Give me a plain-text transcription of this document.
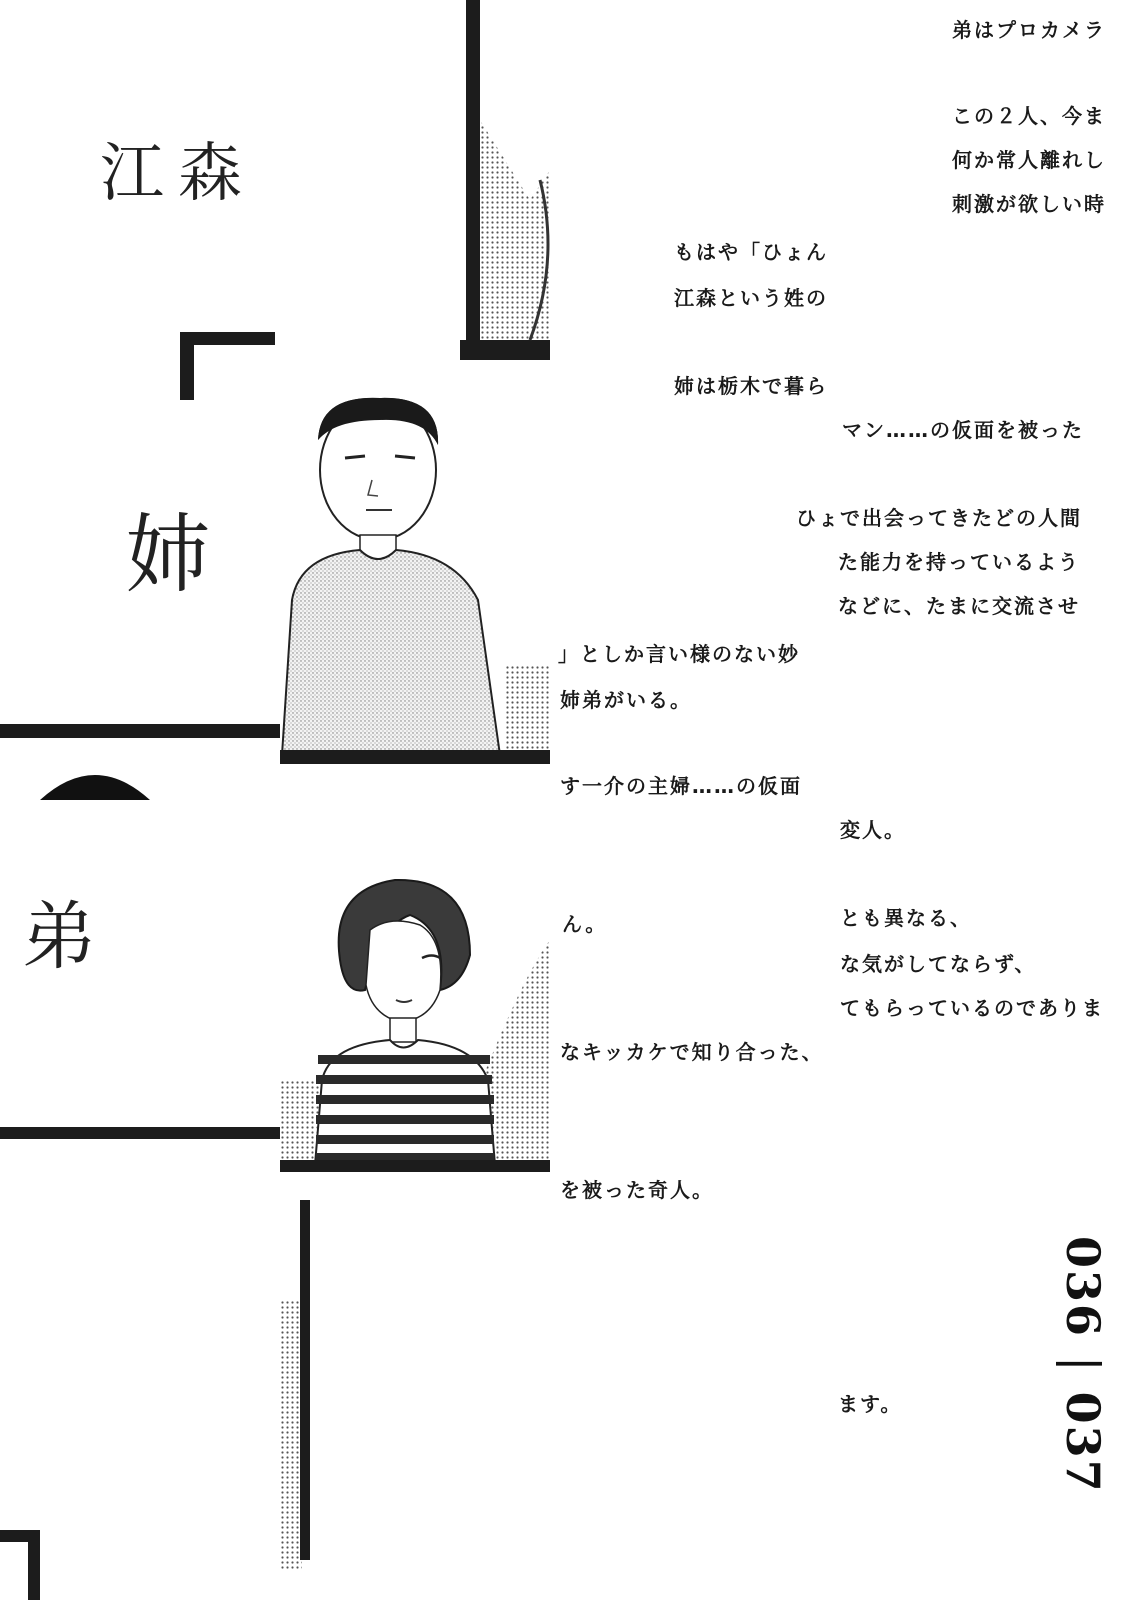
江森
姉
弟
弟はプロカメラ
この２人、今ま
何か常人離れし
刺激が欲しい時
もはや「ひょん
江森という姓の
姉は栃木で暮ら
マン……の仮面を被った
ひょで出会ってきたどの人間
た能力を持っているよう
などに、たまに交流させ
」としか言い様のない妙
姉弟がいる。
す一介の主婦……の仮面
変人。
ん。	とも異なる、
な気がしてならず、
てもらっているのでありま
なキッカケで知り合った、
を被った奇人。
ます。
036 | 037
